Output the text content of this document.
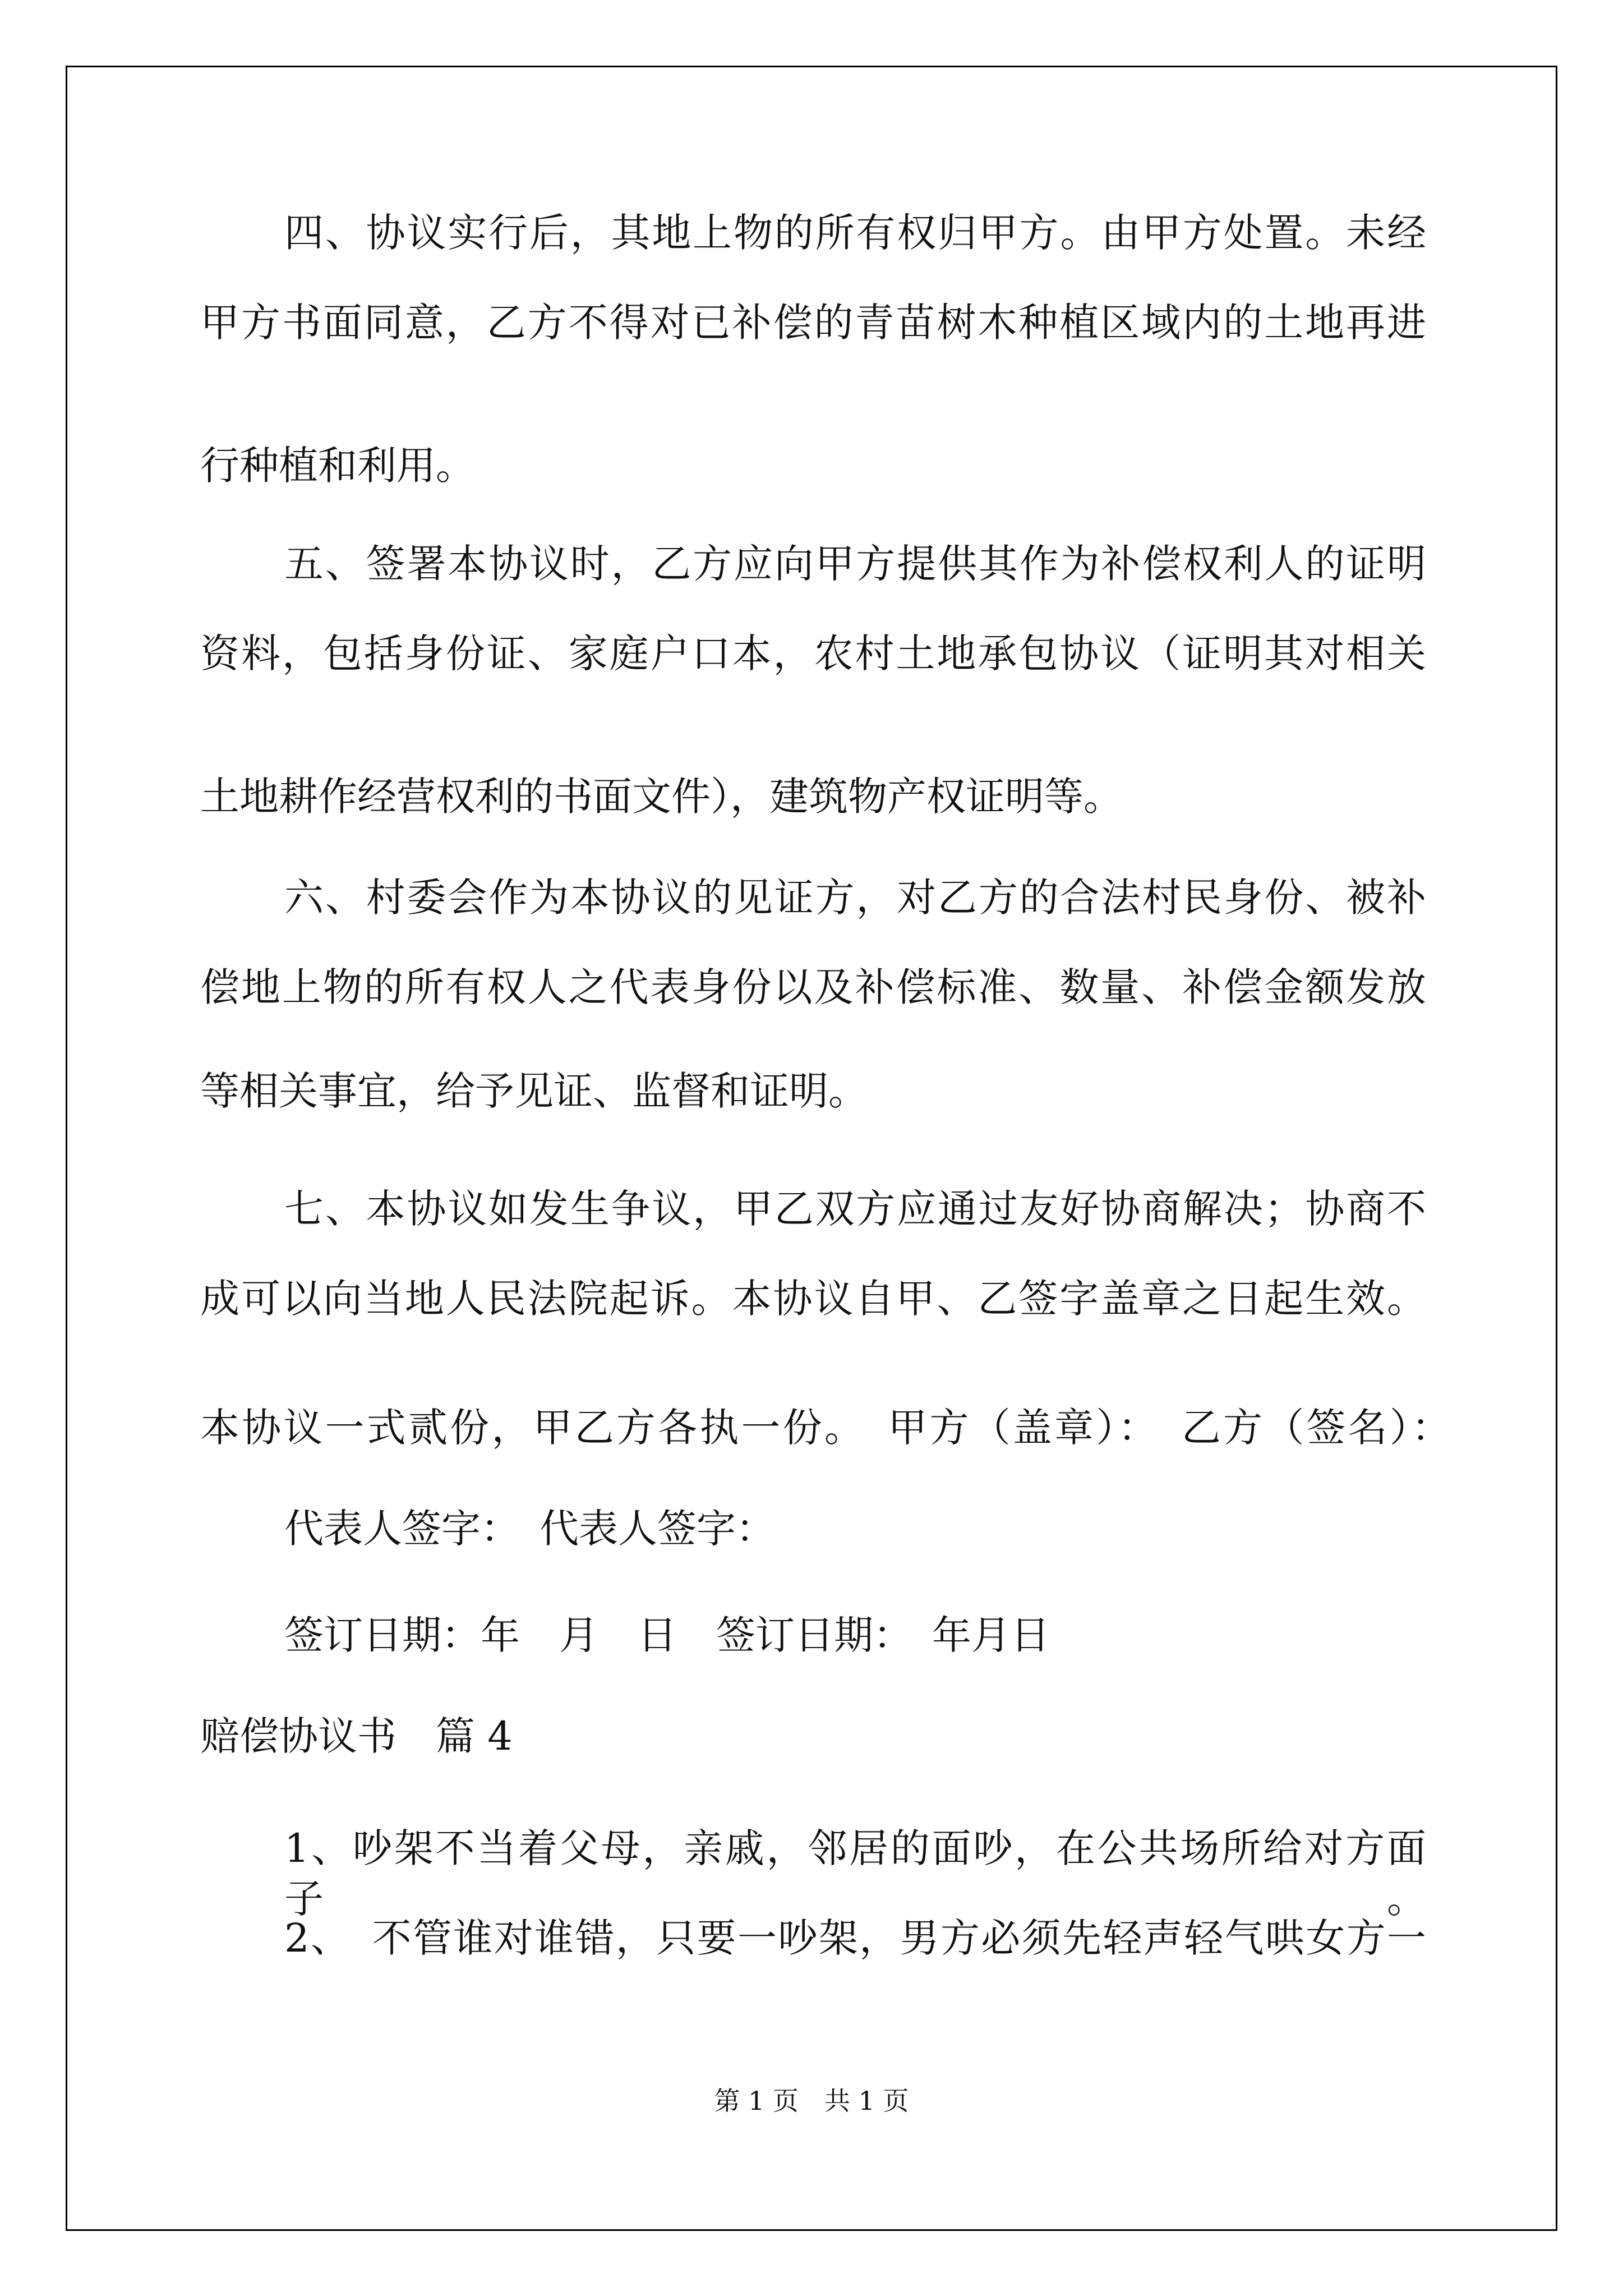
四、协议实行后，其地上物的所有权归甲方。由甲方处置。未经

甲方书面同意，乙方不得对已补偿的青苗树木种植区域内的土地再进

行种植和利用。

五、签署本协议时，乙方应向甲方提供其作为补偿权利人的证明

资料，包括身份证、家庭户口本，农村土地承包协议（证明其对相关

土地耕作经营权利的书面文件），建筑物产权证明等。

六、村委会作为本协议的见证方，对乙方的合法村民身份、被补

偿地上物的所有权人之代表身份以及补偿标准、数量、补偿金额发放

等相关事宜，给予见证、监督和证明。

七、本协议如发生争议，甲乙双方应通过友好协商解决；协商不

成可以向当地人民法院起诉。本协议自甲、乙签字盖章之日起生效。

本协议一式贰份，甲乙方各执一份。　甲方（盖章）：　乙方（签名）：

代表人签字：　代表人签字：

签订日期：年　月　日　签订日期：　年月日

赔偿协议书　篇 4

1、吵架不当着父母，亲戚，邻居的面吵，在公共场所给对方面子。

2、　不管谁对谁错，只要一吵架，男方必须先轻声轻气哄女方一

第 1 页　共 1 页
